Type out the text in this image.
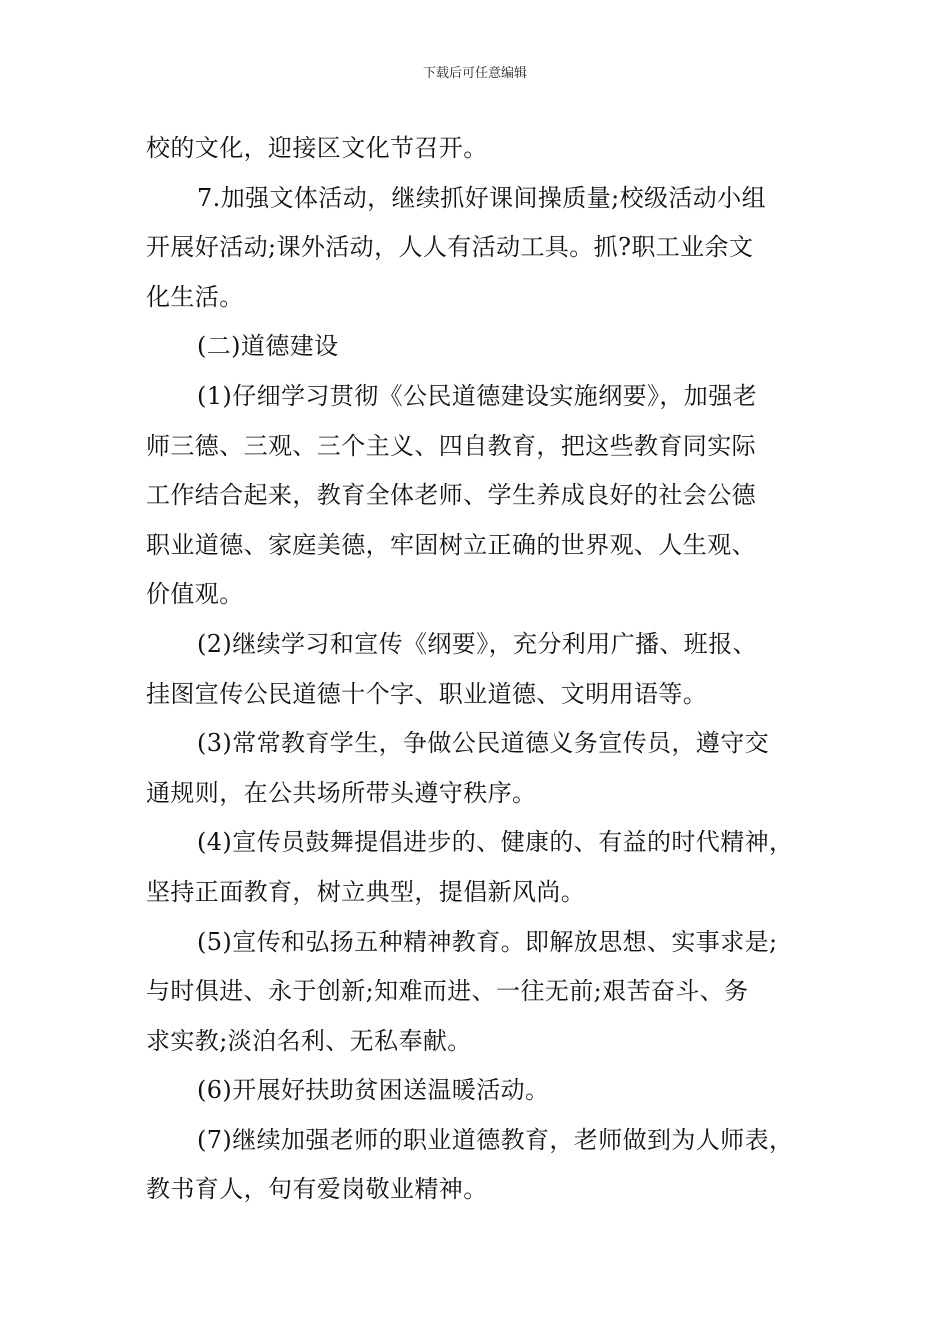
下载后可任意编辑
校的文化，迎接区文化节召开。
7.加强文体活动，继续抓好课间操质量;校级活动小组
开展好活动;课外活动，人人有活动工具。抓?职工业余文
化生活。
(二)道德建设
(1)仔细学习贯彻《公民道德建设实施纲要》，加强老
师三德、三观、三个主义、四自教育，把这些教育同实际
工作结合起来，教育全体老师、学生养成良好的社会公德
职业道德、家庭美德，牢固树立正确的世界观、人生观、
价值观。
(2)继续学习和宣传《纲要》，充分利用广播、班报、
挂图宣传公民道德十个字、职业道德、文明用语等。
(3)常常教育学生，争做公民道德义务宣传员，遵守交
通规则，在公共场所带头遵守秩序。
(4)宣传员鼓舞提倡进步的、健康的、有益的时代精神，
坚持正面教育，树立典型，提倡新风尚。
(5)宣传和弘扬五种精神教育。即解放思想、实事求是;
与时俱进、永于创新;知难而进、一往无前;艰苦奋斗、务
求实教;淡泊名利、无私奉献。
(6)开展好扶助贫困送温暖活动。
(7)继续加强老师的职业道德教育，老师做到为人师表，
教书育人，句有爱岗敬业精神。
